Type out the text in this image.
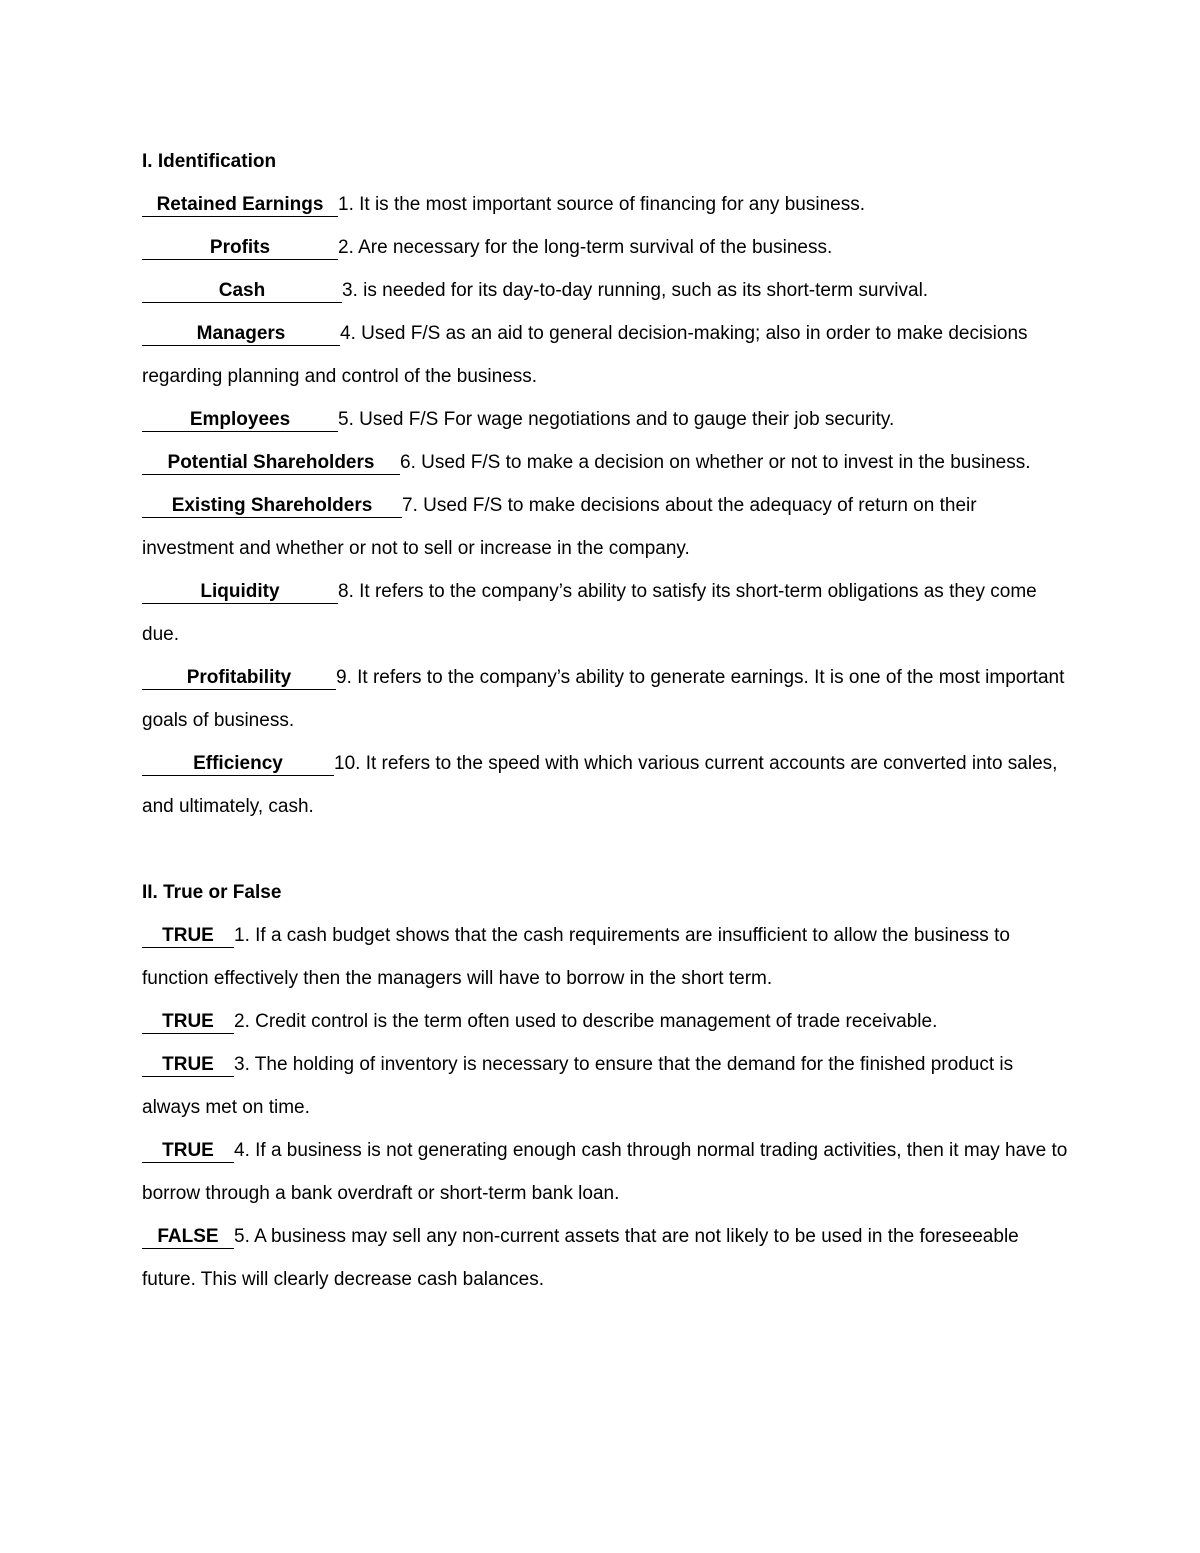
I. Identification

Retained Earnings 1. It is the most important source of financing for any business.

Profits	2. Are necessary for the long-term survival of the business.

Cash	3. is needed for its day-to-day running, such as its short-term survival.

Managers	4. Used F/S as an aid to general decision-making; also in order to make decisions regarding planning and control of the business.

Employees	5. Used F/S For wage negotiations and to gauge their job security.

Potential Shareholders 6. Used F/S to make a decision on whether or not to invest in the business.

Existing Shareholders 7. Used F/S to make decisions about the adequacy of return on their investment and whether or not to sell or increase in the company.

Liquidity	8. It refers to the company’s ability to satisfy its short-term obligations as they come due.

Profitability 9. It refers to the company’s ability to generate earnings. It is one of the most important goals of business.

Efficiency	10. It refers to the speed with which various current accounts are converted into sales, and ultimately, cash.

II. True or False

TRUE 1. If a cash budget shows that the cash requirements are insufficient to allow the business to function effectively then the managers will have to borrow in the short term.

TRUE 2. Credit control is the term often used to describe management of trade receivable.

TRUE 3. The holding of inventory is necessary to ensure that the demand for the finished product is always met on time.

TRUE 4. If a business is not generating enough cash through normal trading activities, then it may have to borrow through a bank overdraft or short-term bank loan.

FALSE 5. A business may sell any non-current assets that are not likely to be used in the foreseeable future. This will clearly decrease cash balances.
